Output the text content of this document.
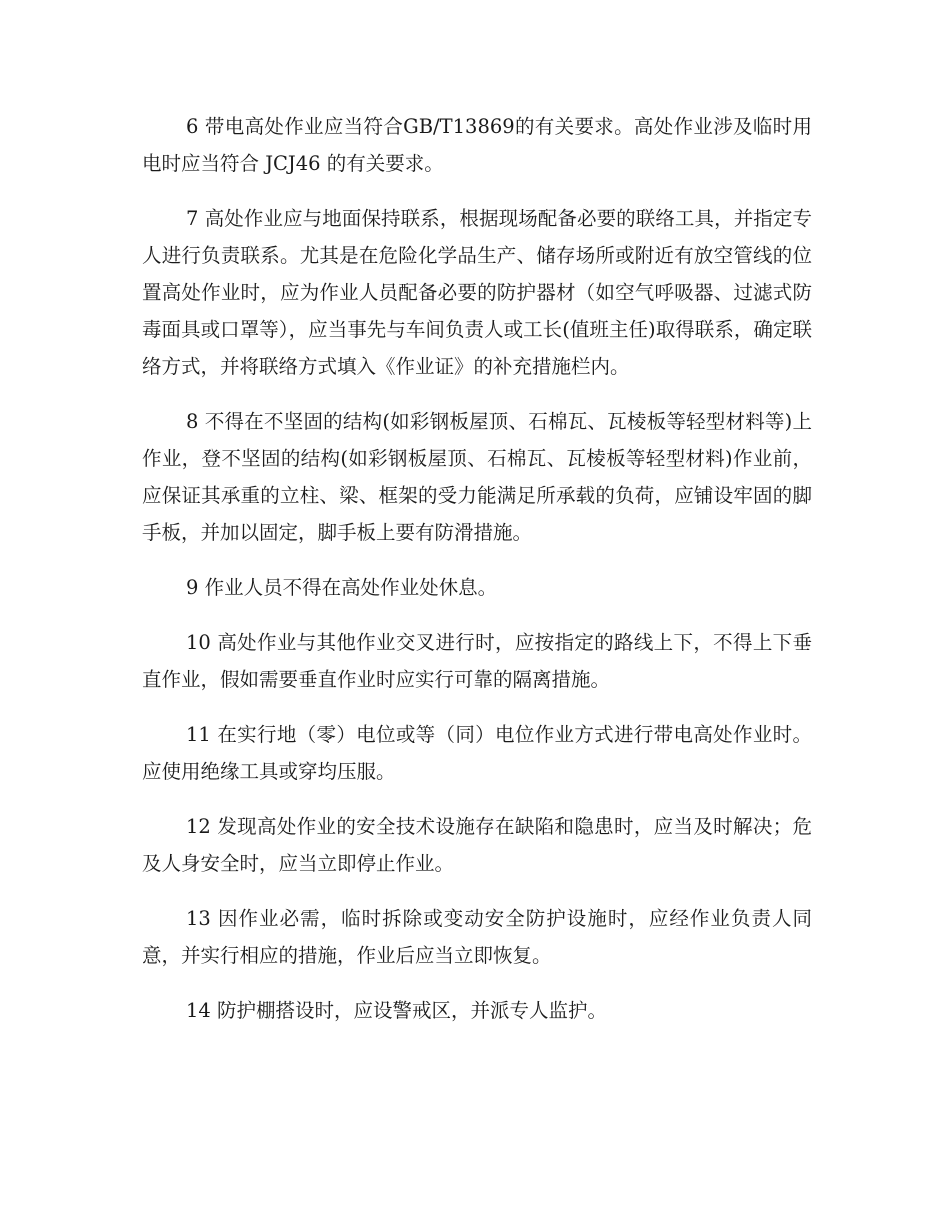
6 带电高处作业应当符合GB/T13869的有关要求。高处作业涉及临时用电时应当符合 JCJ46 的有关要求。

7 高处作业应与地面保持联系，根据现场配备必要的联络工具，并指定专人进行负责联系。尤其是在危险化学品生产、储存场所或附近有放空管线的位置高处作业时，应为作业人员配备必要的防护器材（如空气呼吸器、过滤式防毒面具或口罩等），应当事先与车间负责人或工长(值班主任)取得联系，确定联络方式，并将联络方式填入《作业证》的补充措施栏内。

8 不得在不坚固的结构(如彩钢板屋顶、石棉瓦、瓦棱板等轻型材料等)上作业，登不坚固的结构(如彩钢板屋顶、石棉瓦、瓦棱板等轻型材料)作业前，应保证其承重的立柱、梁、框架的受力能满足所承载的负荷，应铺设牢固的脚手板，并加以固定，脚手板上要有防滑措施。

9 作业人员不得在高处作业处休息。

10 高处作业与其他作业交叉进行时，应按指定的路线上下，不得上下垂直作业，假如需要垂直作业时应实行可靠的隔离措施。

11 在实行地（零）电位或等（同）电位作业方式进行带电高处作业时。应使用绝缘工具或穿均压服。

12 发现高处作业的安全技术设施存在缺陷和隐患时，应当及时解决；危及人身安全时，应当立即停止作业。

13 因作业必需，临时拆除或变动安全防护设施时，应经作业负责人同意，并实行相应的措施，作业后应当立即恢复。

14 防护棚搭设时，应设警戒区，并派专人监护。
